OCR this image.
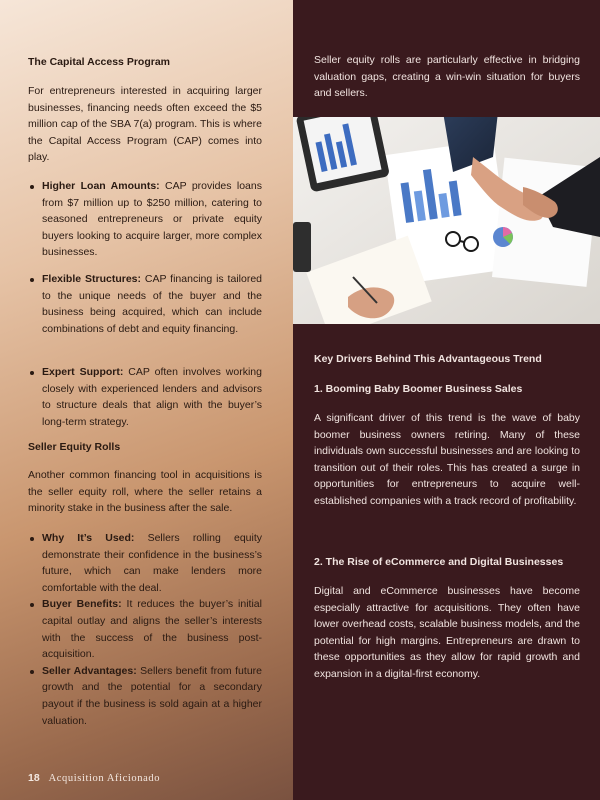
The Capital Access Program

For entrepreneurs interested in acquiring larger businesses, financing needs often exceed the $5 million cap of the SBA 7(a) program. This is where the Capital Access Program (CAP) comes into play.

Higher Loan Amounts: CAP provides loans from $7 million up to $250 million, catering to seasoned entrepreneurs or private equity buyers looking to acquire larger, more complex businesses.
Flexible Structures: CAP financing is tailored to the unique needs of the buyer and the business being acquired, which can include combinations of debt and equity financing.
Expert Support: CAP often involves working closely with experienced lenders and advisors to structure deals that align with the buyer’s long-term strategy.
Seller Equity Rolls

Another common financing tool in acquisitions is the seller equity roll, where the seller retains a minority stake in the business after the sale.

Why It’s Used: Sellers rolling equity demonstrate their confidence in the business’s future, which can make lenders more comfortable with the deal.
Buyer Benefits: It reduces the buyer’s initial capital outlay and aligns the seller’s interests with the success of the business post-acquisition.
Seller Advantages: Sellers benefit from future growth and the potential for a secondary payout if the business is sold again at a higher valuation.
18 Acquisition Aficionado

Seller equity rolls are particularly effective in bridging valuation gaps, creating a win-win situation for buyers and sellers.

Key Drivers Behind This Advantageous Trend
1. Booming Baby Boomer Business Sales

A significant driver of this trend is the wave of baby boomer business owners retiring. Many of these individuals own successful businesses and are looking to transition out of their roles. This has created a surge in opportunities for entrepreneurs to acquire well-established companies with a track record of profitability.

2. The Rise of eCommerce and Digital Businesses

Digital and eCommerce businesses have become especially attractive for acquisitions. They often have lower overhead costs, scalable business models, and the potential for high margins. Entrepreneurs are drawn to these opportunities as they allow for rapid growth and expansion in a digital-first economy.
